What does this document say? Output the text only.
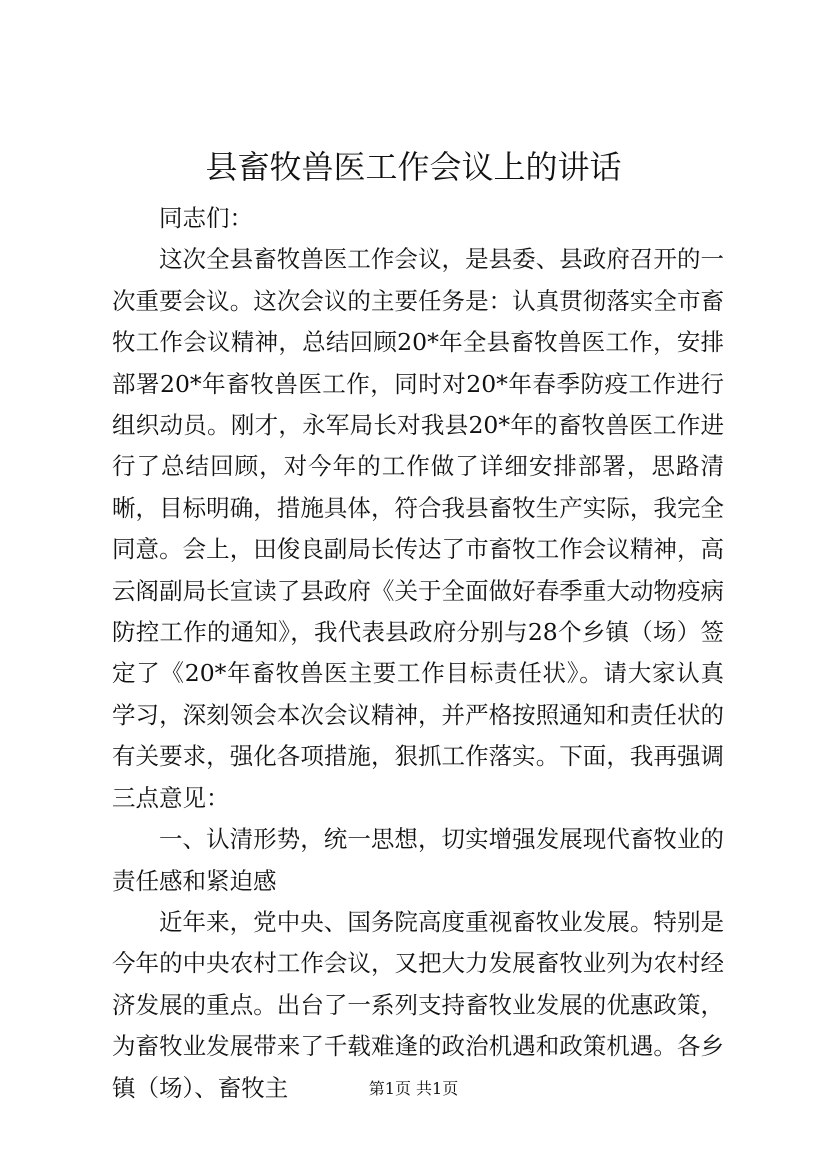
县畜牧兽医工作会议上的讲话

同志们：

这次全县畜牧兽医工作会议，是县委、县政府召开的一次重要会议。这次会议的主要任务是：认真贯彻落实全市畜牧工作会议精神，总结回顾20*年全县畜牧兽医工作，安排部署20*年畜牧兽医工作，同时对20*年春季防疫工作进行组织动员。刚才，永军局长对我县20*年的畜牧兽医工作进行了总结回顾，对今年的工作做了详细安排部署，思路清晰，目标明确，措施具体，符合我县畜牧生产实际，我完全同意。会上，田俊良副局长传达了市畜牧工作会议精神，高云阁副局长宣读了县政府《关于全面做好春季重大动物疫病防控工作的通知》，我代表县政府分别与28个乡镇（场）签定了《20*年畜牧兽医主要工作目标责任状》。请大家认真学习，深刻领会本次会议精神，并严格按照通知和责任状的有关要求，强化各项措施，狠抓工作落实。下面，我再强调三点意见：

一、认清形势，统一思想，切实增强发展现代畜牧业的责任感和紧迫感

近年来，党中央、国务院高度重视畜牧业发展。特别是今年的中央农村工作会议，又把大力发展畜牧业列为农村经济发展的重点。出台了一系列支持畜牧业发展的优惠政策，为畜牧业发展带来了千载难逢的政治机遇和政策机遇。各乡镇（场）、畜牧主	第1页 共1页
